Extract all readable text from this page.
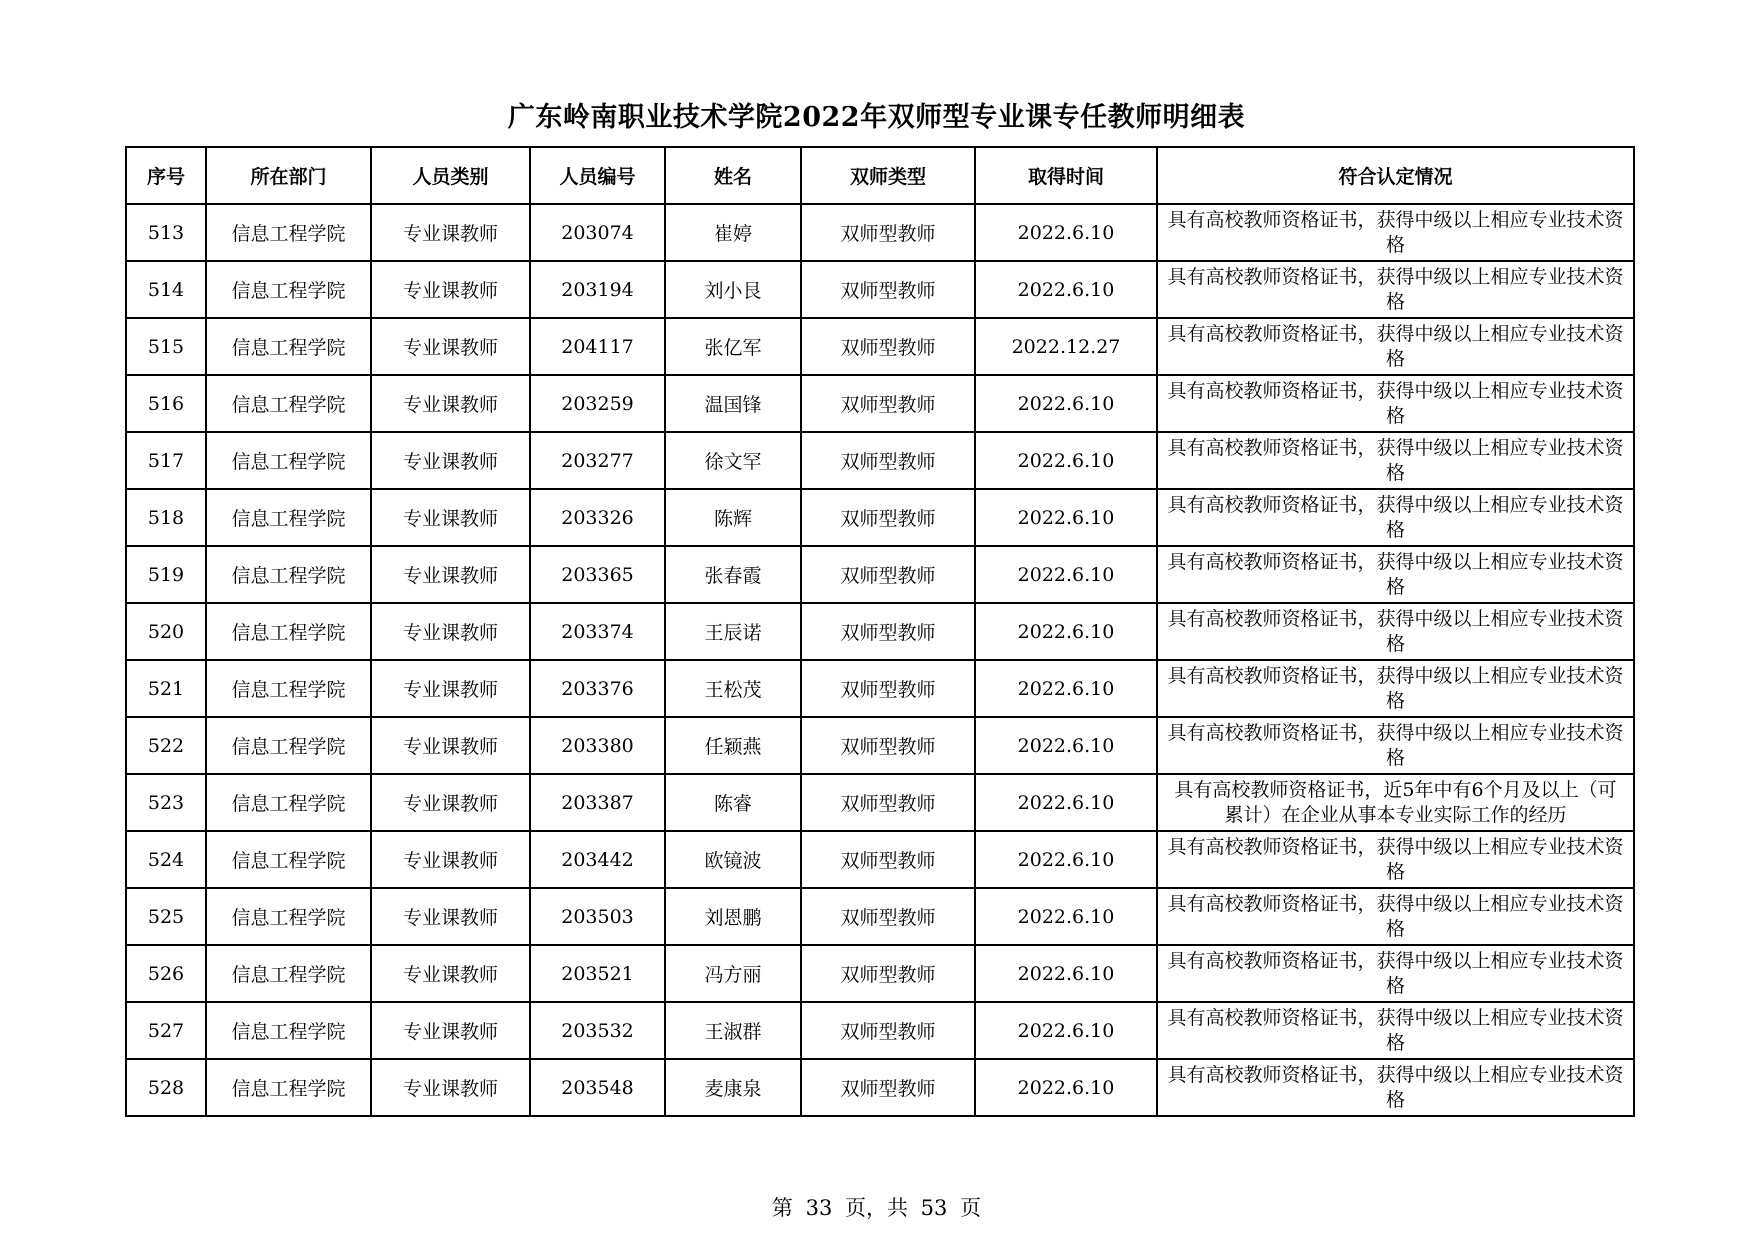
广东岭南职业技术学院2022年双师型专业课专任教师明细表
序号	所在部门	人员类别	人员编号	姓名	双师类型	取得时间	符合认定情况
513	信息工程学院	专业课教师	203074	崔婷	双师型教师	2022.6.10	具有高校教师资格证书，获得中级以上相应专业技术资格
514	信息工程学院	专业课教师	203194	刘小艮	双师型教师	2022.6.10	具有高校教师资格证书，获得中级以上相应专业技术资格
515	信息工程学院	专业课教师	204117	张亿军	双师型教师	2022.12.27	具有高校教师资格证书，获得中级以上相应专业技术资格
516	信息工程学院	专业课教师	203259	温国锋	双师型教师	2022.6.10	具有高校教师资格证书，获得中级以上相应专业技术资格
517	信息工程学院	专业课教师	203277	徐文罕	双师型教师	2022.6.10	具有高校教师资格证书，获得中级以上相应专业技术资格
518	信息工程学院	专业课教师	203326	陈辉	双师型教师	2022.6.10	具有高校教师资格证书，获得中级以上相应专业技术资格
519	信息工程学院	专业课教师	203365	张春霞	双师型教师	2022.6.10	具有高校教师资格证书，获得中级以上相应专业技术资格
520	信息工程学院	专业课教师	203374	王辰诺	双师型教师	2022.6.10	具有高校教师资格证书，获得中级以上相应专业技术资格
521	信息工程学院	专业课教师	203376	王松茂	双师型教师	2022.6.10	具有高校教师资格证书，获得中级以上相应专业技术资格
522	信息工程学院	专业课教师	203380	任颖燕	双师型教师	2022.6.10	具有高校教师资格证书，获得中级以上相应专业技术资格
523	信息工程学院	专业课教师	203387	陈睿	双师型教师	2022.6.10	具有高校教师资格证书，近5年中有6个月及以上（可累计）在企业从事本专业实际工作的经历
524	信息工程学院	专业课教师	203442	欧镜波	双师型教师	2022.6.10	具有高校教师资格证书，获得中级以上相应专业技术资格
525	信息工程学院	专业课教师	203503	刘恩鹏	双师型教师	2022.6.10	具有高校教师资格证书，获得中级以上相应专业技术资格
526	信息工程学院	专业课教师	203521	冯方丽	双师型教师	2022.6.10	具有高校教师资格证书，获得中级以上相应专业技术资格
527	信息工程学院	专业课教师	203532	王淑群	双师型教师	2022.6.10	具有高校教师资格证书，获得中级以上相应专业技术资格
528	信息工程学院	专业课教师	203548	麦康泉	双师型教师	2022.6.10	具有高校教师资格证书，获得中级以上相应专业技术资格
第 33 页，共 53 页
